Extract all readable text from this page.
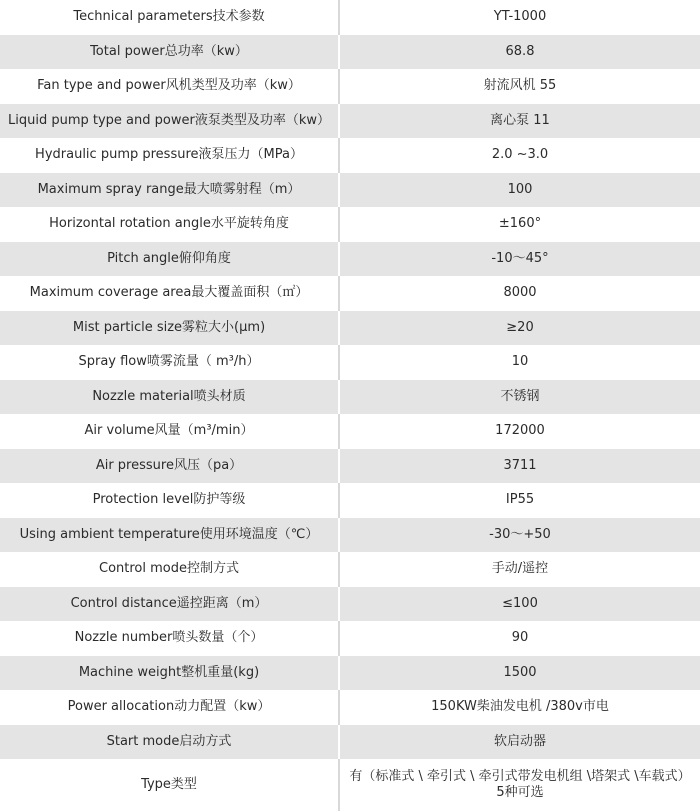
Technical parameters技术参数	YT-1000
Total power总功率（kw）	68.8
Fan type and power风机类型及功率（kw）	射流风机 55
Liquid pump type and power液泵类型及功率（kw）	离心泵 11
Hydraulic pump pressure液泵压力（MPa）	2.0 ~3.0
Maximum spray range最大喷雾射程（m）	100
Horizontal rotation angle水平旋转角度	±160°
Pitch angle俯仰角度	-10～45°
Maximum coverage area最大覆盖面积（㎡）	8000
Mist particle size雾粒大小(μm)	≥20
Spray flow喷雾流量（ m³/h）	10
Nozzle material喷头材质	不锈钢
Air volume风量（m³/min）	172000
Air pressure风压（pa）	3711
Protection level防护等级	IP55
Using ambient temperature使用环境温度（℃）	-30～+50
Control mode控制方式	手动/遥控
Control distance遥控距离（m）	≤100
Nozzle number喷头数量（个）	90
Machine weight整机重量(kg)	1500
Power allocation动力配置（kw）	150KW柴油发电机 /380v市电
Start mode启动方式	软启动器
Type类型	有（标准式 \ 牵引式 \ 牵引式带发电机组 \塔架式 \车载式）
5种可选
